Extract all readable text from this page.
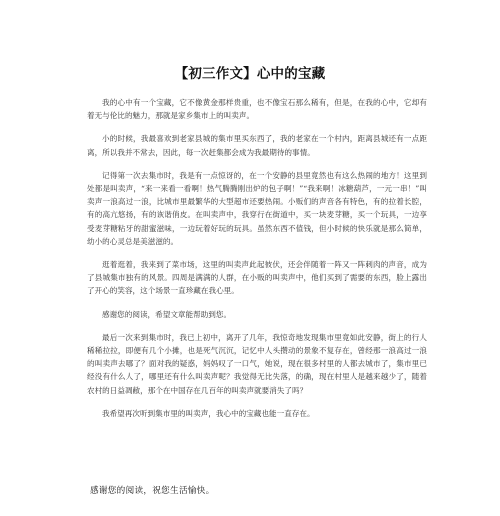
【初三作文】心中的宝藏

我的心中有一个宝藏，它不像黄金那样贵重，也不像宝石那么稀有，但是，在我的心中，它却有着无与伦比的魅力，那就是家乡集市上的叫卖声。

小的时候，我最喜欢到老家县城的集市里买东西了，我的老家在一个村内，距离县城还有一点距离，所以我并不常去，因此，每一次赶集都会成为我最期待的事情。

记得第一次去集市时，我是有一点惊讶的，在一个安静的县里竟然也有这么热闹的地方！这里到处都是叫卖声，“来一来看一看啊！热气腾腾刚出炉的包子啊！”“我来啊！冰糖葫芦，一元一串！”叫卖声一浪高过一浪，比城市里最繁华的大型超市还要热闹。小贩们的声音各有特色，有的拉着长腔，有的高亢悠扬，有的诙谐俏皮。在叫卖声中，我穿行在街道中，买一块麦芽糖，买一个玩具，一边享受麦芽糖粘牙的甜蜜滋味，一边玩着好玩的玩具。虽然东西不值钱，但小时候的快乐就是那么简单，幼小的心灵总是美滋滋的。

逛着逛着，我来到了菜市场，这里的叫卖声此起彼伏，还会伴随着一阵又一阵刺肉的声音，成为了县城集市独有的风景。四周是满满的人群，在小贩的叫卖声中，他们买到了需要的东西，脸上露出了开心的笑容，这个场景一直珍藏在我心里。

感谢您的阅读，希望文章能帮助到您。

最后一次来到集市时，我已上初中，离开了几年，我惊奇地发现集市里竟如此安静，街上的行人稀稀拉拉，即便有几个小摊，也是死气沉沉，记忆中人头攒动的景象不复存在，曾经那一浪高过一浪的叫卖声去哪了？面对我的疑惑，妈妈叹了一口气，她说，现在很多村里的人都去城市了，集市里已经没有什么人了，哪里还有什么叫卖声呢？我觉得无比失落，的确，现在村里人是越来越少了，随着农村的日益凋敝，那个在中国存在几百年的叫卖声就要消失了吗？

我希望再次听到集市里的叫卖声，我心中的宝藏也能一直存在。

感谢您的阅读，祝您生活愉快。
